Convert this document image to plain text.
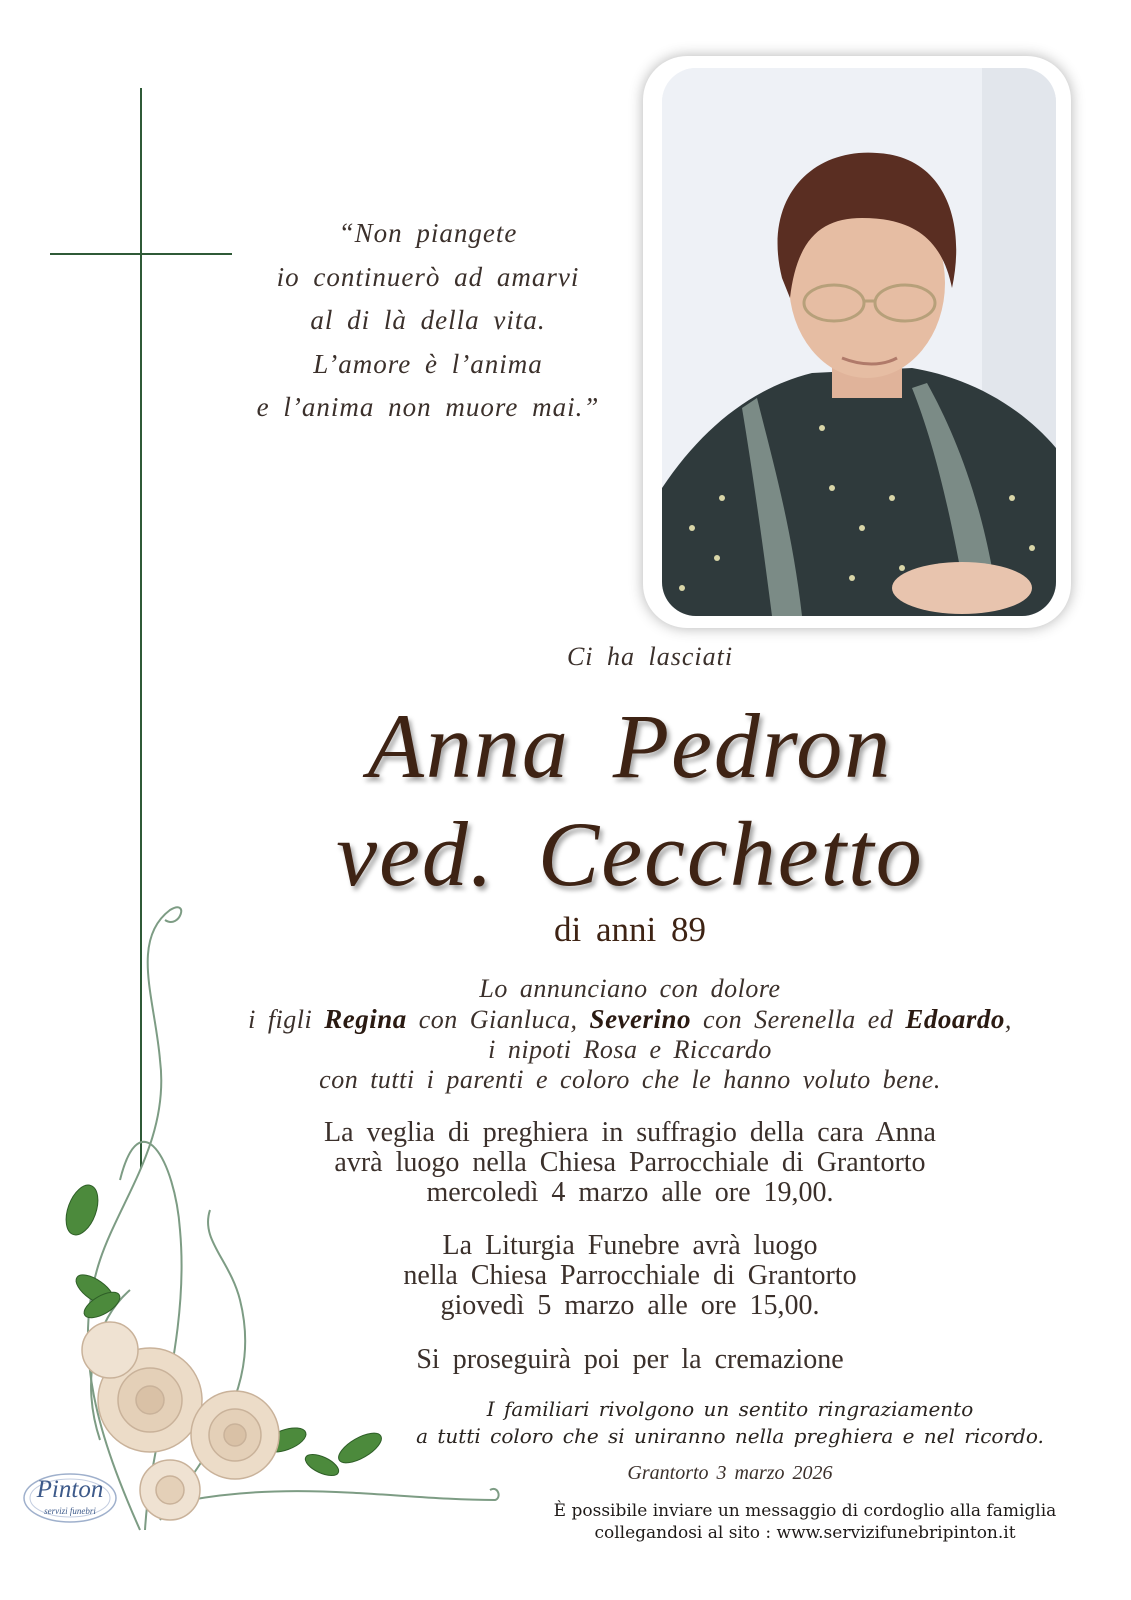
“Non piangete
io continuerò ad amarvi
al di là della vita.
L’amore è l’anima
e l’anima non muore mai.”
Ci ha lasciati
Anna Pedron
ved. Cecchetto
di anni 89
Lo annunciano con dolore
i figli Regina con Gianluca, Severino con Serenella ed Edoardo,
i nipoti Rosa e Riccardo
con tutti i parenti e coloro che le hanno voluto bene.
La veglia di preghiera in suffragio della cara Anna
avrà luogo nella Chiesa Parrocchiale di Grantorto
mercoledì 4 marzo alle ore 19,00.
La Liturgia Funebre avrà luogo
nella Chiesa Parrocchiale di Grantorto
giovedì 5 marzo alle ore 15,00.
Si proseguirà poi per la cremazione
I familiari rivolgono un sentito ringraziamento
a tutti coloro che si uniranno nella preghiera e nel ricordo.
Grantorto 3 marzo 2026
È possibile inviare un messaggio di cordoglio alla famiglia
collegandosi al sito : www.servizifunebripinton.it
Pinton
servizi funebri
